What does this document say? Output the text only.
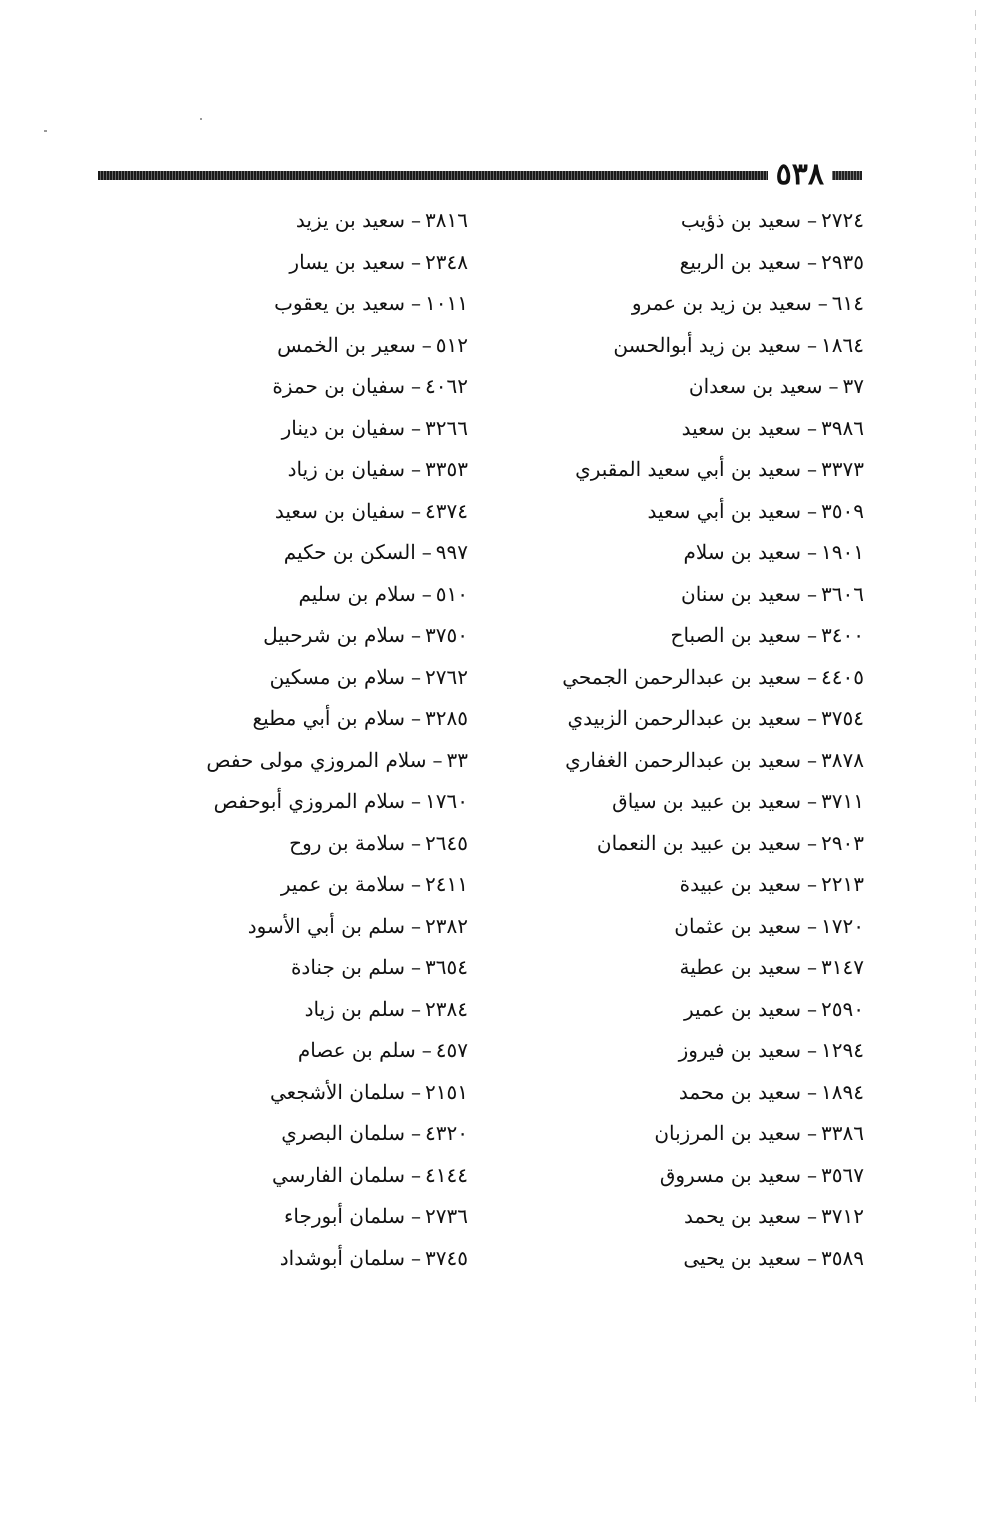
٥٣٨
٢٧٢٤–سعيد بن ذؤيب
٢٩٣٥–سعيد بن الربيع
٦١٤–سعيد بن زيد بن عمرو
١٨٦٤–سعيد بن زيد أبوالحسن
٣٧–سعيد بن سعدان
٣٩٨٦–سعيد بن سعيد
٣٣٧٣–سعيد بن أبي سعيد المقبري
٣٥٠٩–سعيد بن أبي سعيد
١٩٠١–سعيد بن سلام
٣٦٠٦–سعيد بن سنان
٣٤٠٠–سعيد بن الصباح
٤٤٠٥–سعيد بن عبدالرحمن الجمحي
٣٧٥٤–سعيد بن عبدالرحمن الزبيدي
٣٨٧٨–سعيد بن عبدالرحمن الغفاري
٣٧١١–سعيد بن عبيد بن سياق
٢٩٠٣–سعيد بن عبيد بن النعمان
٢٢١٣–سعيد بن عبيدة
١٧٢٠–سعيد بن عثمان
٣١٤٧–سعيد بن عطية
٢٥٩٠–سعيد بن عمير
١٢٩٤–سعيد بن فيروز
١٨٩٤–سعيد بن محمد
٣٣٨٦–سعيد بن المرزبان
٣٥٦٧–سعيد بن مسروق
٣٧١٢–سعيد بن يحمد
٣٥٨٩–سعيد بن يحيى
٣٨١٦–سعيد بن يزيد
٢٣٤٨–سعيد بن يسار
١٠١١–سعيد بن يعقوب
٥١٢–سعير بن الخمس
٤٠٦٢–سفيان بن حمزة
٣٢٦٦–سفيان بن دينار
٣٣٥٣–سفيان بن زياد
٤٣٧٤–سفيان بن سعيد
٩٩٧–السكن بن حكيم
٥١٠–سلام بن سليم
٣٧٥٠–سلام بن شرحبيل
٢٧٦٢–سلام بن مسكين
٣٢٨٥–سلام بن أبي مطيع
٣٣–سلام المروزي مولى حفص
١٧٦٠–سلام المروزي أبوحفص
٢٦٤٥–سلامة بن روح
٢٤١١–سلامة بن عمير
٢٣٨٢–سلم بن أبي الأسود
٣٦٥٤–سلم بن جنادة
٢٣٨٤–سلم بن زياد
٤٥٧–سلم بن عصام
٢١٥١–سلمان الأشجعي
٤٣٢٠–سلمان البصري
٤١٤٤–سلمان الفارسي
٢٧٣٦–سلمان أبورجاء
٣٧٤٥–سلمان أبوشداد
